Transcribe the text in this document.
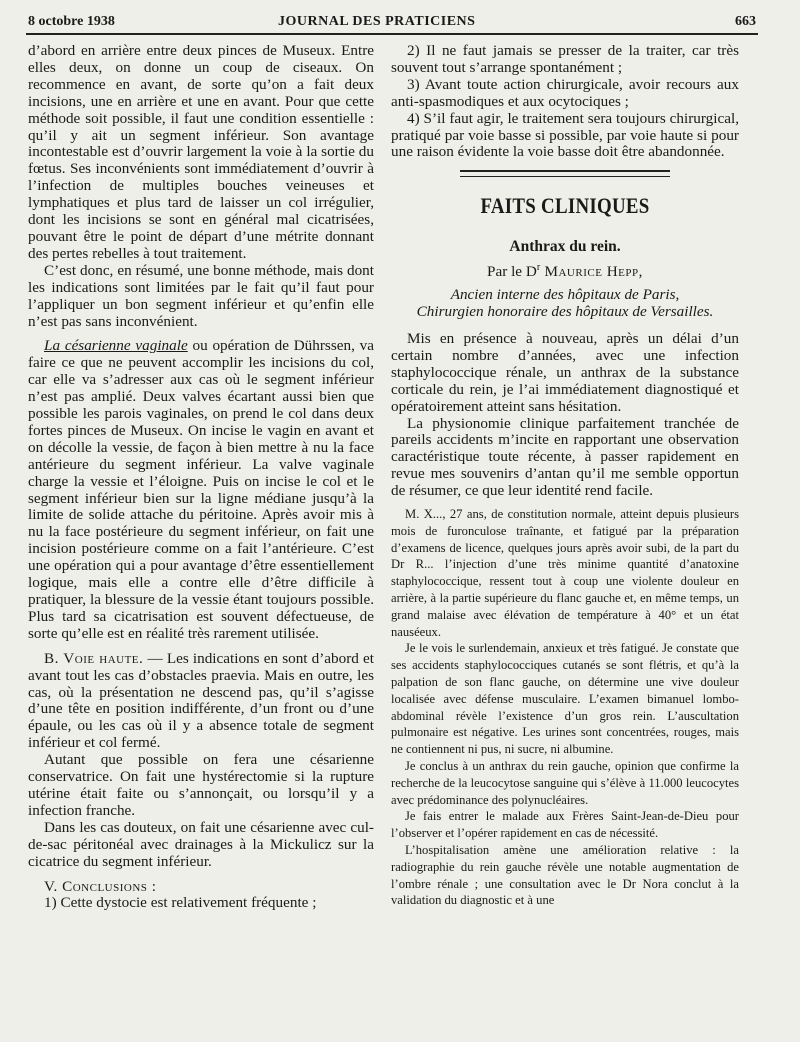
8 octobre 1938	JOURNAL DES PRATICIENS	663

d’abord en arrière entre deux pinces de Museux. Entre elles deux, on donne un coup de ciseaux. On recommence en avant, de sorte qu’on a fait deux incisions, une en arrière et une en avant. Pour que cette méthode soit possible, il faut une condition essentielle : qu’il y ait un segment inférieur. Son avantage incontestable est d’ouvrir largement la voie à la sortie du fœtus. Ses inconvénients sont immédiatement d’ouvrir à l’infection de multiples bouches veineuses et lymphatiques et plus tard de laisser un col irrégulier, dont les incisions se sont en général mal cicatrisées, pouvant être le point de départ d’une métrite donnant des pertes rebelles à tout traitement.

C’est donc, en résumé, une bonne méthode, mais dont les indications sont limitées par le fait qu’il faut pour l’appliquer un bon segment inférieur et qu’enfin elle n’est pas sans inconvénient.

La césarienne vaginale ou opération de Dührssen, va faire ce que ne peuvent accomplir les incisions du col, car elle va s’adresser aux cas où le segment inférieur n’est pas amplié. Deux valves écartant aussi bien que possible les parois vaginales, on prend le col dans deux fortes pinces de Museux. On incise le vagin en avant et on décolle la vessie, de façon à bien mettre à nu la face antérieure du segment inférieur. La valve vaginale charge la vessie et l’éloigne. Puis on incise le col et le segment inférieur bien sur la ligne médiane jusqu’à la limite de solide attache du péritoine. Après avoir mis à nu la face postérieure du segment inférieur, on fait une incision postérieure comme on a fait l’antérieure. C’est une opération qui a pour avantage d’être essentiellement logique, mais elle a contre elle d’être difficile à pratiquer, la blessure de la vessie étant toujours possible. Plus tard sa cicatrisation est souvent défectueuse, de sorte qu’elle est en réalité très rarement utilisée.

B. Voie haute. — Les indications en sont d’abord et avant tout les cas d’obstacles praevia. Mais en outre, les cas, où la présentation ne descend pas, qu’il s’agisse d’une tête en position indifférente, d’un front ou d’une épaule, ou les cas où il y a absence totale de segment inférieur et col fermé.

Autant que possible on fera une césarienne conservatrice. On fait une hystérectomie si la rupture utérine était faite ou s’annonçait, ou lorsqu’il y a infection franche.

Dans les cas douteux, on fait une césarienne avec cul-de-sac péritonéal avec drainages à la Mickulicz sur la cicatrice du segment inférieur.

V. Conclusions :

1) Cette dystocie est relativement fréquente ;

2) Il ne faut jamais se presser de la traiter, car très souvent tout s’arrange spontanément ;

3) Avant toute action chirurgicale, avoir recours aux anti-spasmodiques et aux ocytociques ;

4) S’il faut agir, le traitement sera toujours chirurgical, pratiqué par voie basse si possible, par voie haute si pour une raison évidente la voie basse doit être abandonnée.

FAITS CLINIQUES
Anthrax du rein.
Par le $D^r$ Maurice Hepp,
Ancien interne des hôpitaux de Paris,
Chirurgien honoraire des hôpitaux de Versailles.

Mis en présence à nouveau, après un délai d’un certain nombre d’années, avec une infection staphylococcique rénale, un anthrax de la substance corticale du rein, je l’ai immédiatement diagnostiqué et opératoirement atteint sans hésitation.

La physionomie clinique parfaitement tranchée de pareils accidents m’incite en rapportant une observation caractéristique toute récente, à passer rapidement en revue mes souvenirs d’antan qu’il me semble opportun de résumer, ce que leur identité rend facile.

M. X..., 27 ans, de constitution normale, atteint depuis plusieurs mois de furonculose traînante, et fatigué par la préparation d’examens de licence, quelques jours après avoir subi, de la part du Dr R... l’injection d’une très minime quantité d’anatoxine staphylococcique, ressent tout à coup une violente douleur en arrière, à la partie supérieure du flanc gauche et, en même temps, un grand malaise avec élévation de température à 40° et un état nauséeux.

Je le vois le surlendemain, anxieux et très fatigué. Je constate que ses accidents staphylococciques cutanés se sont flétris, et qu’à la palpation de son flanc gauche, on détermine une vive douleur localisée avec défense musculaire. L’examen bimanuel lombo-abdominal révèle l’existence d’un gros rein. L’auscultation pulmonaire est négative. Les urines sont concentrées, rouges, mais ne contiennent ni pus, ni sucre, ni albumine.

Je conclus à un anthrax du rein gauche, opinion que confirme la recherche de la leucocytose sanguine qui s’élève à 11.000 leucocytes avec prédominance des polynucléaires.

Je fais entrer le malade aux Frères Saint-Jean-de-Dieu pour l’observer et l’opérer rapidement en cas de nécessité.

L’hospitalisation amène une amélioration relative : la radiographie du rein gauche révèle une notable augmentation de l’ombre rénale ; une consultation avec le Dr Nora conclut à la validation du diagnostic et à une
